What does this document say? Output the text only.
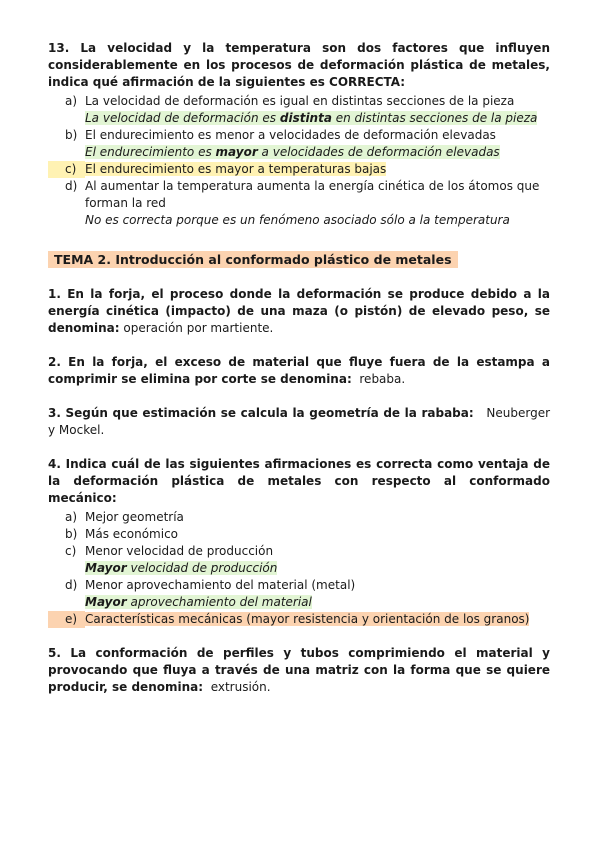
13. La velocidad y la temperatura son dos factores que influyen considerablemente en los procesos de deformación plástica de metales, indica qué afirmación de la siguientes es CORRECTA:
a) La velocidad de deformación es igual en distintas secciones de la pieza
La velocidad de deformación es distinta en distintas secciones de la pieza
b) El endurecimiento es menor a velocidades de deformación elevadas
El endurecimiento es mayor a velocidades de deformación elevadas
c) El endurecimiento es mayor a temperaturas bajas
d) Al aumentar la temperatura aumenta la energía cinética de los átomos que forman la red
No es correcta porque es un fenómeno asociado sólo a la temperatura
TEMA 2. Introducción al conformado plástico de metales
1. En la forja, el proceso donde la deformación se produce debido a la energía cinética (impacto) de una maza (o pistón) de elevado peso, se denomina: operación por martiente.
2. En la forja, el exceso de material que fluye fuera de la estampa a comprimir se elimina por corte se denomina: rebaba.
3. Según que estimación se calcula la geometría de la rababa: Neuberger y Mockel.
4. Indica cuál de las siguientes afirmaciones es correcta como ventaja de la deformación plástica de metales con respecto al conformado mecánico:
a) Mejor geometría
b) Más económico
c) Menor velocidad de producción
Mayor velocidad de producción
d) Menor aprovechamiento del material (metal)
Mayor aprovechamiento del material
e) Características mecánicas (mayor resistencia y orientación de los granos)
5. La conformación de perfiles y tubos comprimiendo el material y provocando que fluya a través de una matriz con la forma que se quiere producir, se denomina: extrusión.
